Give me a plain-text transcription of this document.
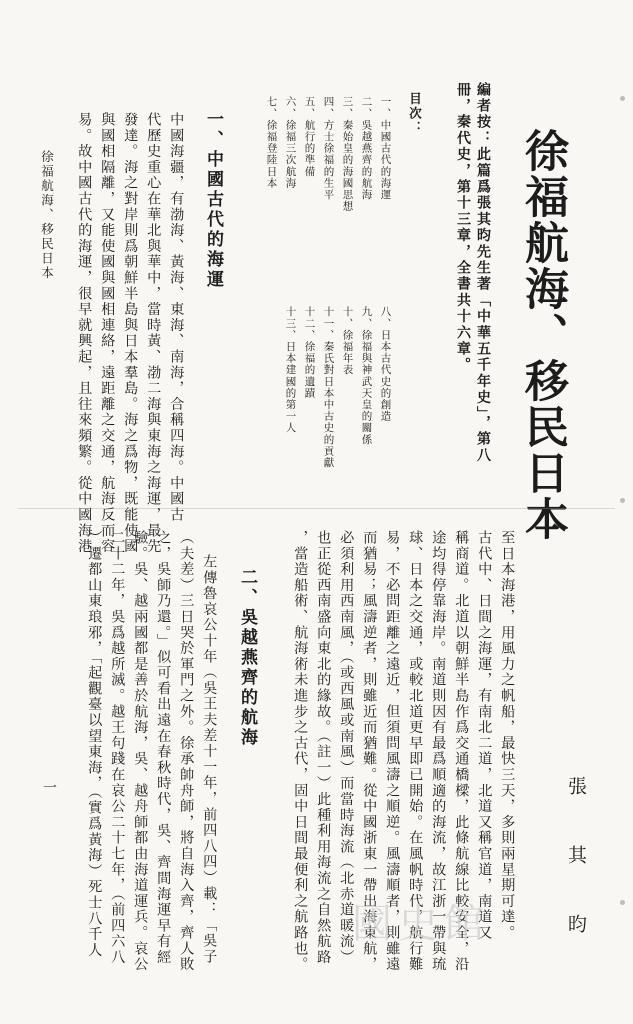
徐福航海、移民日本
張 其 昀
編者按：此篇爲張其昀先生著「中華五千年史」，第八
冊，秦代史，第十三章，全書共十六章。
目次：
一、中國古代的海運
二、吳越燕齊的航海
三、秦始皇的海國思想
四、方士徐福的生平
五、航行的準備
六、徐福三次航海
七、徐福登陸日本
八、日本古代史的創造
九、徐福與神武天皇的關係
十、徐福年表
十一、秦氏對日本中古史的貢獻
十二、徐福的遺蹟
十三、日本建國的第一人
一、中國古代的海運
中國海疆，有渤海、黃海、東海、南海，合稱四海。中國古
代歷史重心在華北與華中，當時黃、渤二海與東海之海運，最先
發達。海之對岸則爲朝鮮半島與日本羣島。海之爲物，既能使國
與國相隔離，又能使國與國相連絡，遠距離之交通，航海反而容
易。故中國古代的海運，很早就興起，且往來頻繁。從中國海港
徐福航海、移民日本
至日本海港，用風力之帆船，最快三天，多則兩星期可達。
古代中、日間之海運，有南北二道，北道又稱官道，南道又
稱商道。北道以朝鮮半島作爲交通橋樑，此條航線比較安全，沿
途均得停靠海岸。南道則因有最爲順適的海流，故江浙一帶與琉
球、日本之交通，或較北道更早即已開始。在風帆時代，航行難
易，不必問距離之遠近，但須問風濤之順逆。風濤順者，則雖遠
而猶易；風濤逆者，則雖近而猶難。從中國浙東一帶出海東航，
必須利用西南風，（或西風或南風）而當時海流（北赤道暖流）
也正從西南盛向東北的緣故。（註一）此種利用海流之自然航路
，當造船術、航海術未進步之古代，固中日間最便利之航路也。
二、吳越燕齊的航海
左傳魯哀公十年（吳王夫差十一年，前四八四）載：「吳子
（夫差）三日哭於軍門之外。徐承帥舟師，將自海入齊，齊人敗
之，吳師乃還。」似可看出遠在春秋時代，吳、齊間海運早有經
驗。吳、越兩國都是善於航海，吳、越舟師都由海道運兵。哀公
二十二年，吳爲越所滅。越王句踐在哀公二十七年，（前四六八
）遷都山東琅邪，「起觀臺以望東海，（實爲黃海）死士八千人
一
國史館
